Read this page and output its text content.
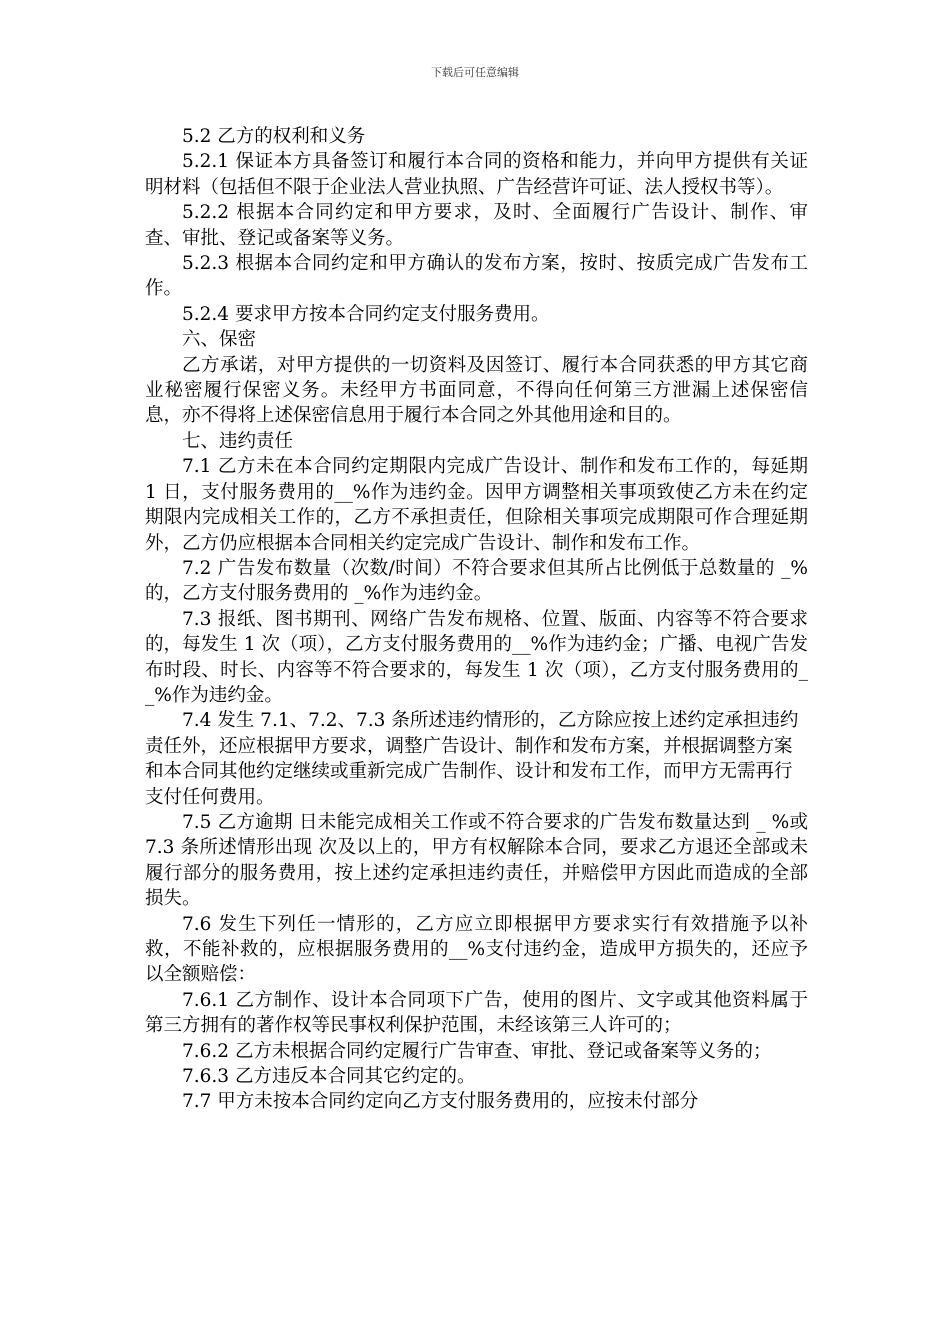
下载后可任意编辑

5.2 乙方的权利和义务

5.2.1 保证本方具备签订和履行本合同的资格和能力，并向甲方提供有关证明材料（包括但不限于企业法人营业执照、广告经营许可证、法人授权书等）。

5.2.2 根据本合同约定和甲方要求，及时、全面履行广告设计、制作、审查、审批、登记或备案等义务。

5.2.3 根据本合同约定和甲方确认的发布方案，按时、按质完成广告发布工作。

5.2.4 要求甲方按本合同约定支付服务费用。

六、保密

乙方承诺，对甲方提供的一切资料及因签订、履行本合同获悉的甲方其它商业秘密履行保密义务。未经甲方书面同意，不得向任何第三方泄漏上述保密信息，亦不得将上述保密信息用于履行本合同之外其他用途和目的。

七、违约责任

7.1 乙方未在本合同约定期限内完成广告设计、制作和发布工作的，每延期 1 日，支付服务费用的__%作为违约金。因甲方调整相关事项致使乙方未在约定期限内完成相关工作的，乙方不承担责任，但除相关事项完成期限可作合理延期外，乙方仍应根据本合同相关约定完成广告设计、制作和发布工作。

7.2 广告发布数量（次数/时间）不符合要求但其所占比例低于总数量的 _%的，乙方支付服务费用的 _%作为违约金。

7.3 报纸、图书期刊、网络广告发布规格、位置、版面、内容等不符合要求的，每发生 1 次（项），乙方支付服务费用的__%作为违约金；广播、电视广告发布时段、时长、内容等不符合要求的，每发生 1 次（项），乙方支付服务费用的__%作为违约金。

7.4 发生 7.1、7.2、7.3 条所述违约情形的，乙方除应按上述约定承担违约责任外，还应根据甲方要求，调整广告设计、制作和发布方案，并根据调整方案和本合同其他约定继续或重新完成广告制作、设计和发布工作，而甲方无需再行支付任何费用。

7.5 乙方逾期 日未能完成相关工作或不符合要求的广告发布数量达到 _ %或 7.3 条所述情形出现 次及以上的，甲方有权解除本合同，要求乙方退还全部或未履行部分的服务费用，按上述约定承担违约责任，并赔偿甲方因此而造成的全部损失。

7.6 发生下列任一情形的，乙方应立即根据甲方要求实行有效措施予以补救，不能补救的，应根据服务费用的__%支付违约金，造成甲方损失的，还应予以全额赔偿：

7.6.1 乙方制作、设计本合同项下广告，使用的图片、文字或其他资料属于第三方拥有的著作权等民事权利保护范围，未经该第三人许可的；

7.6.2 乙方未根据合同约定履行广告审查、审批、登记或备案等义务的；

7.6.3 乙方违反本合同其它约定的。

7.7 甲方未按本合同约定向乙方支付服务费用的，应按未付部分
